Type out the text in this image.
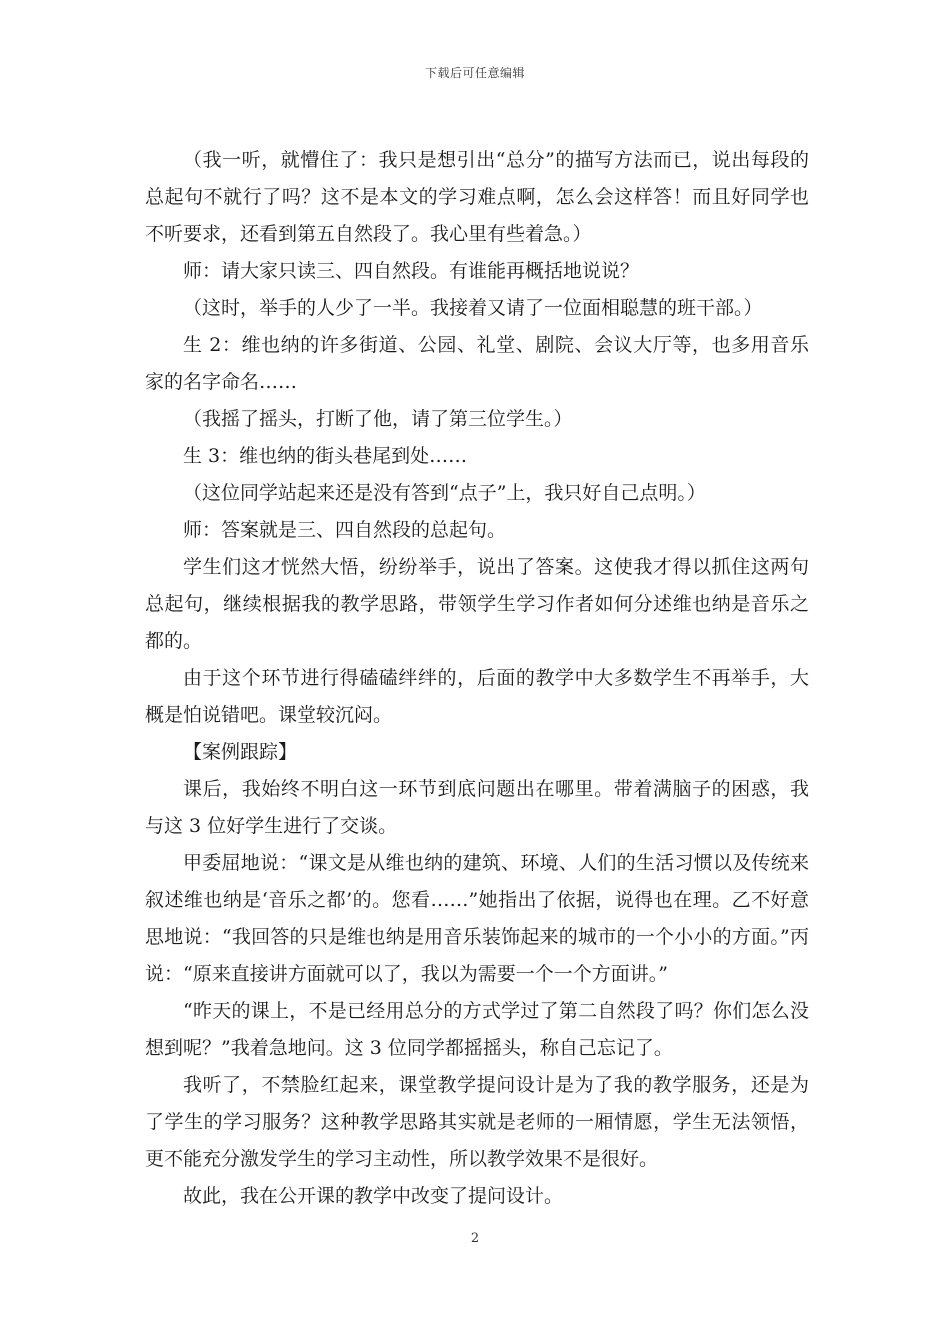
下载后可任意编辑

（我一听，就懵住了：我只是想引出“总分”的描写方法而已，说出每段的总起句不就行了吗？这不是本文的学习难点啊，怎么会这样答！而且好同学也不听要求，还看到第五自然段了。我心里有些着急。）

师：请大家只读三、四自然段。有谁能再概括地说说？

（这时，举手的人少了一半。我接着又请了一位面相聪慧的班干部。）

生 2：维也纳的许多街道、公园、礼堂、剧院、会议大厅等，也多用音乐家的名字命名……

（我摇了摇头，打断了他，请了第三位学生。）

生 3：维也纳的街头巷尾到处……

（这位同学站起来还是没有答到“点子”上，我只好自己点明。）

师：答案就是三、四自然段的总起句。

学生们这才恍然大悟，纷纷举手，说出了答案。这使我才得以抓住这两句总起句，继续根据我的教学思路，带领学生学习作者如何分述维也纳是音乐之都的。

由于这个环节进行得磕磕绊绊的，后面的教学中大多数学生不再举手，大概是怕说错吧。课堂较沉闷。

【案例跟踪】

课后，我始终不明白这一环节到底问题出在哪里。带着满脑子的困惑，我与这 3 位好学生进行了交谈。

甲委屈地说：“课文是从维也纳的建筑、环境、人们的生活习惯以及传统来叙述维也纳是‘音乐之都’的。您看……”她指出了依据，说得也在理。乙不好意思地说：“我回答的只是维也纳是用音乐装饰起来的城市的一个小小的方面。”丙说：“原来直接讲方面就可以了，我以为需要一个一个方面讲。”

“昨天的课上，不是已经用总分的方式学过了第二自然段了吗？你们怎么没想到呢？”我着急地问。这 3 位同学都摇摇头，称自己忘记了。

我听了，不禁脸红起来，课堂教学提问设计是为了我的教学服务，还是为了学生的学习服务？这种教学思路其实就是老师的一厢情愿，学生无法领悟，更不能充分激发学生的学习主动性，所以教学效果不是很好。

故此，我在公开课的教学中改变了提问设计。

2
